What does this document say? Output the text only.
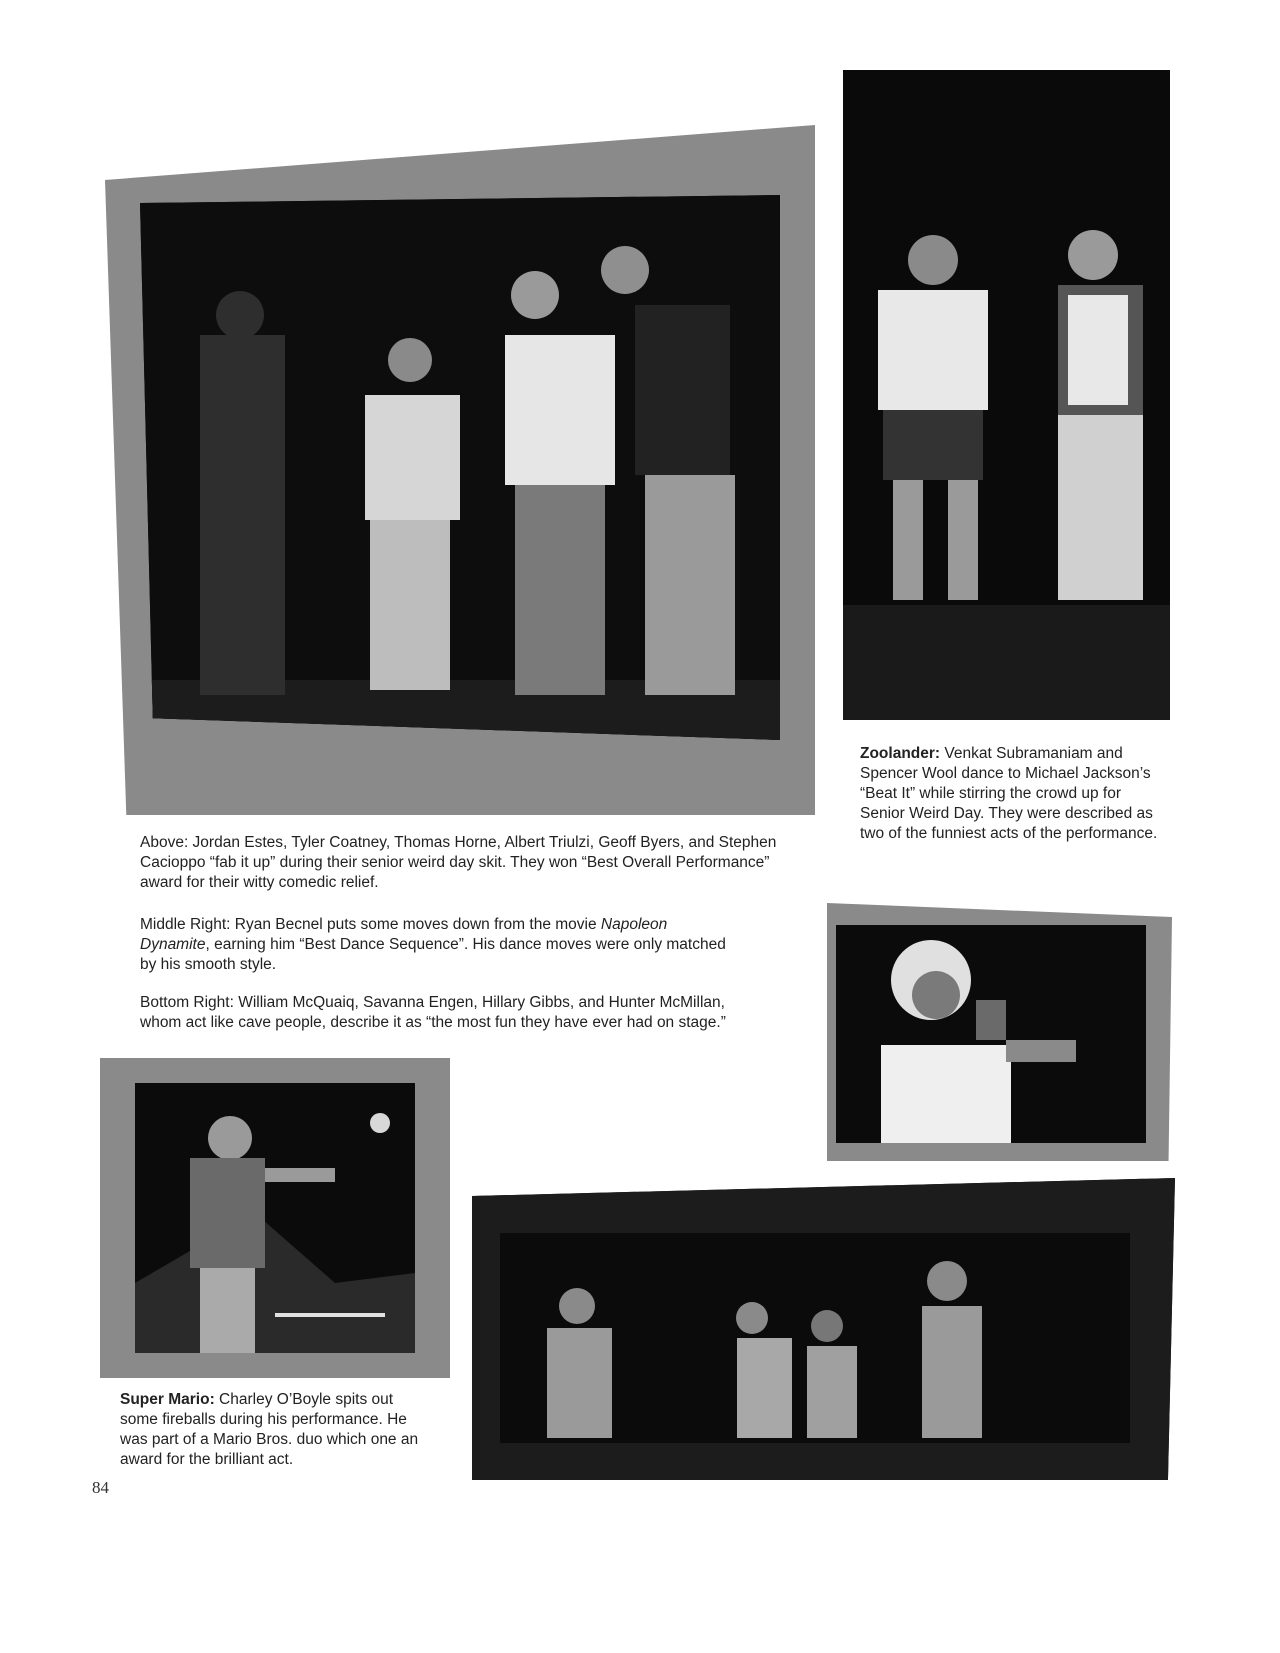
Zoolander: Venkat Subramaniam and Spencer Wool dance to Michael Jackson’s “Beat It” while stirring the crowd up for Senior Weird Day. They were described as two of the funniest acts of the performance.

Above: Jordan Estes, Tyler Coatney, Thomas Horne, Albert Triulzi, Geoff Byers, and Stephen Cacioppo “fab it up” during their senior weird day skit. They won “Best Overall Performance” award for their witty comedic relief.

Middle Right: Ryan Becnel puts some moves down from the movie Napoleon Dynamite, earning him “Best Dance Sequence”. His dance moves were only matched by his smooth style.

Bottom Right: William McQuaiq, Savanna Engen, Hillary Gibbs, and Hunter McMillan, whom act like cave people, describe it as “the most fun they have ever had on stage.”

Super Mario: Charley O’Boyle spits out some fireballs during his performance. He was part of a Mario Bros. duo which one an award for the brilliant act.
84
